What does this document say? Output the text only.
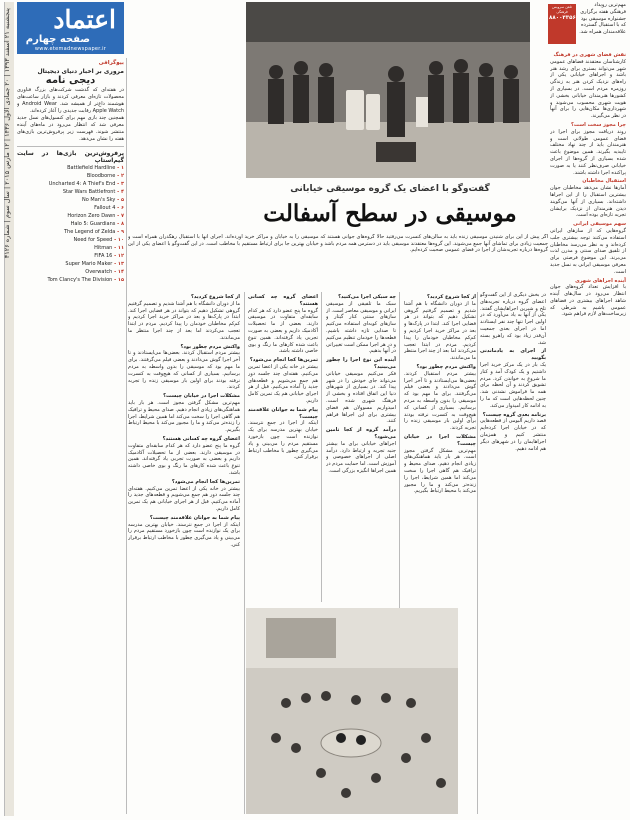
پنجشنبه ۲۱ اسفند ۱۳۹۳ | ۲۰ جمادی الاول ۱۴۳۶ | ۱۲ مارس ۲۰۱۵ | سال سوم | شماره ۳۱۲۶ اعتماد
صفحه چهارم
www.etemadnewspaper.ir
بیوگرافی
مروری بر اخبار دنیای دیجیتال
دیجی نامه
در هفته‌ای که گذشت شرکت‌های بزرگ فناوری محصولات تازه‌ای معرفی کردند و بازار ساعت‌های هوشمند داغ‌تر از همیشه شد. Android Wear و Apple Watch رقابت جدیدی را آغاز کرده‌اند.
همچنین چند بازی مهم برای کنسول‌های نسل جدید معرفی شد که انتظار می‌رود در ماه‌های آینده منتشر شوند. فهرست زیر پرفروش‌ترین بازی‌های هفته را نشان می‌دهد.
پرفروش‌ترین بازی‌ها در سایت گیم‌استاپ
۱ - Battlefield Hardline
۲ - Bloodborne
۳ - Uncharted 4: A Thief's End
۴ - Star Wars Battlefront
۵ - No Man's Sky
۶ - Fallout 4
۷ - Horizon Zero Dawn
۸ - Halo 5: Guardians
۹ - The Legend of Zelda
۱۰ - Need for Speed
۱۱ - Hitman
۱۲ - FIFA 16
۱۳ - Super Mario Maker
۱۴ - Overwatch
۱۵ - Tom Clancy's The Division
گفت‌وگو با اعضای یک گروه موسیقی خیابانی
موسیقی در سطح آسفالت
اگر پیش از این برای شنیدن موسیقی زنده باید به سالن‌های کنسرت می‌رفتید حالا گروه‌های جوانی هستند که موسیقی را به خیابان و مراکز خرید آورده‌اند. اجرای آنها با استقبال رهگذران همراه است و جمعیت زیادی برای تماشای آنها جمع می‌شوند. این گروه‌ها معتقدند موسیقی باید در دسترس همه مردم باشد و خیابان بهترین جا برای ارتباط مستقیم با مخاطب است. در این گفت‌وگو با اعضای یکی از این گروه‌ها درباره تجربه‌شان از اجرا در فضای عمومی صحبت کرده‌ایم.
از کجا شروع کردید؟
ما از دوران دانشگاه با هم آشنا شدیم و تصمیم گرفتیم گروهی تشکیل دهیم که بتواند در هر فضایی اجرا کند. ابتدا در پارک‌ها و بعد در مراکز خرید اجرا کردیم و کم‌کم مخاطبان خودمان را پیدا کردیم. مردم در ابتدا تعجب می‌کردند اما بعد از چند اجرا منتظر ما می‌ماندند.
واکنش مردم چطور بود؟
بیشتر مردم استقبال کردند. بعضی‌ها می‌ایستادند و تا آخر اجرا گوش می‌دادند و بعضی فیلم می‌گرفتند. برای ما مهم بود که موسیقی را بدون واسطه به مردم برسانیم. بسیاری از کسانی که هیچ‌وقت به کنسرت نرفته بودند برای اولین بار موسیقی زنده را تجربه کردند.
مشکلات اجرا در خیابان چیست؟
مهم‌ترین مشکل گرفتن مجوز است. هر بار باید هماهنگی‌های زیادی انجام دهیم. صدای محیط و ترافیک هم گاهی اجرا را سخت می‌کند اما همین شرایط، اجرا را زنده‌تر می‌کند و ما را مجبور می‌کند با محیط ارتباط بگیریم.
چه سبکی اجرا می‌کنید؟
سبک ما تلفیقی از موسیقی ایرانی و موسیقی معاصر است. از سازهای سنتی کنار گیتار و سازهای کوبه‌ای استفاده می‌کنیم تا صدایی تازه داشته باشیم. قطعه‌ها را خودمان تنظیم می‌کنیم و در هر اجرا ممکن است تغییراتی در آنها بدهیم.
آینده این نوع اجرا را چطور می‌بینید؟
فکر می‌کنیم موسیقی خیابانی می‌تواند جای خودش را در شهر پیدا کند. در بسیاری از شهرهای دنیا این اتفاق افتاده و بخشی از فرهنگ شهری شده است. امیدواریم مسوولان هم فضای بیشتری برای این اجراها فراهم کنند.
درآمد گروه از کجا تامین می‌شود؟
اجراهای خیابانی برای ما بیشتر جنبه تجربه و ارتباط دارد. درآمد اصلی از اجراهای خصوصی و آموزش است. اما حمایت مردم در همین اجراها انگیزه بزرگی است.
اعضای گروه چه کسانی هستند؟
گروه ما پنج عضو دارد که هر کدام سابقه‌ای متفاوت در موسیقی دارند. بعضی از ما تحصیلات آکادمیک داریم و بعضی به صورت تجربی یاد گرفته‌اند. همین تنوع باعث شده کارهای ما رنگ و بوی خاصی داشته باشد.
تمرین‌ها کجا انجام می‌شود؟
بیشتر در خانه یکی از اعضا تمرین می‌کنیم. هفته‌ای چند جلسه دور هم جمع می‌شویم و قطعه‌های جدید را آماده می‌کنیم. قبل از هر اجرای خیابانی هم یک تمرین کامل داریم.
پیام شما به جوانان علاقه‌مند چیست؟
اینکه از اجرا در جمع نترسند. خیابان بهترین مدرسه برای یک نوازنده است چون بازخورد مستقیم مردم را می‌بینی و یاد می‌گیری چطور با مخاطب ارتباط برقرار کنی.
در بخش دیگری از این گفت‌وگو اعضای گروه درباره تجربه‌های تلخ و شیرین اجراهایشان گفتند. یکی از آنها به یاد می‌آورد که در اولین اجرا تنها چند نفر ایستادند اما در اجرای بعدی جمعیت آن‌قدر زیاد بود که راهرو بسته شد.
از اجرای به یادماندنی بگویید
یک بار در یک مرکز خرید اجرا داشتیم و یک کودک آمد و کنار ما شروع به خواندن کرد. مردم تشویق کردند و آن لحظه برای همه ما فراموش نشدنی شد. چنین لحظه‌هایی است که ما را به ادامه کار امیدوار می‌کند.
برنامه بعدی گروه چیست؟
قصد داریم آلبومی از قطعه‌هایی که در خیابان اجرا کرده‌ایم منتشر کنیم و همزمان اجراهایمان را در شهرهای دیگر هم ادامه دهیم.
از کجا شروع کردید؟
ما از دوران دانشگاه با هم آشنا شدیم و تصمیم گرفتیم گروهی تشکیل دهیم که بتواند در هر فضایی اجرا کند. ابتدا در پارک‌ها و بعد در مراکز خرید اجرا کردیم و کم‌کم مخاطبان خودمان را پیدا کردیم. مردم در ابتدا تعجب می‌کردند اما بعد از چند اجرا منتظر ما می‌ماندند.
واکنش مردم چطور بود؟
بیشتر مردم استقبال کردند. بعضی‌ها می‌ایستادند و تا آخر اجرا گوش می‌دادند و بعضی فیلم می‌گرفتند. برای ما مهم بود که موسیقی را بدون واسطه به مردم برسانیم. بسیاری از کسانی که هیچ‌وقت به کنسرت نرفته بودند برای اولین بار موسیقی زنده را تجربه کردند.
مشکلات اجرا در خیابان چیست؟
مهم‌ترین مشکل گرفتن مجوز است. هر بار باید هماهنگی‌های زیادی انجام دهیم. صدای محیط و ترافیک هم گاهی اجرا را سخت می‌کند اما همین شرایط، اجرا را زنده‌تر می‌کند و ما را مجبور می‌کند با محیط ارتباط بگیریم.
اعضای گروه چه کسانی هستند؟
گروه ما پنج عضو دارد که هر کدام سابقه‌ای متفاوت در موسیقی دارند. بعضی از ما تحصیلات آکادمیک داریم و بعضی به صورت تجربی یاد گرفته‌اند. همین تنوع باعث شده کارهای ما رنگ و بوی خاصی داشته باشد.
تمرین‌ها کجا انجام می‌شود؟
بیشتر در خانه یکی از اعضا تمرین می‌کنیم. هفته‌ای چند جلسه دور هم جمع می‌شویم و قطعه‌های جدید را آماده می‌کنیم. قبل از هر اجرای خیابانی هم یک تمرین کامل داریم.
پیام شما به جوانان علاقه‌مند چیست؟
اینکه از اجرا در جمع نترسند. خیابان بهترین مدرسه برای یک نوازنده است چون بازخورد مستقیم مردم را می‌بینی و یاد می‌گیری چطور با مخاطب ارتباط برقرار کنی.
تلفن سرویس فرهنگی
۸۸۰۰۴۳۵۶
مهم‌ترین رویداد فرهنگی هفته برگزاری جشنواره موسیقی بود که با استقبال گسترده علاقه‌مندان همراه شد.
نقش فضای شهری در فرهنگ
کارشناسان معتقدند فضاهای عمومی شهر می‌تواند بستری برای رشد هنر باشد و اجراهای خیابانی یکی از راه‌های نزدیک کردن هنر به زندگی روزمره مردم است. در بسیاری از کشورها هنرمندان خیابانی بخشی از هویت شهری محسوب می‌شوند و شهرداری‌ها مکان‌هایی را برای آنها در نظر می‌گیرند.
چرا مجوز سخت است؟
روند دریافت مجوز برای اجرا در فضای عمومی طولانی است و هنرمندان باید از چند نهاد مختلف تاییدیه بگیرند. همین موضوع باعث شده بسیاری از گروه‌ها از اجرای خیابانی صرف‌نظر کنند یا به صورت پراکنده اجرا داشته باشند.
استقبال مخاطبان
آمارها نشان می‌دهد مخاطبان جوان بیشترین استقبال را از این اجراها داشته‌اند. بسیاری از آنها می‌گویند دیدن هنرمندان از نزدیک برایشان تجربه تازه‌ای بوده است.
سهم موسیقی ایرانی
گروه‌هایی که از سازهای ایرانی استفاده می‌کنند توجه بیشتری جلب کرده‌اند و به نظر می‌رسد مخاطبان از تلفیق صدای سنتی و مدرن لذت می‌برند. این موضوع فرصتی برای معرفی موسیقی ایرانی به نسل جدید است.
آینده اجراهای شهری
با افزایش تعداد گروه‌های جوان انتظار می‌رود در سال‌های آینده شاهد اجراهای بیشتری در فضاهای عمومی باشیم به شرطی که زیرساخت‌های لازم فراهم شود.
